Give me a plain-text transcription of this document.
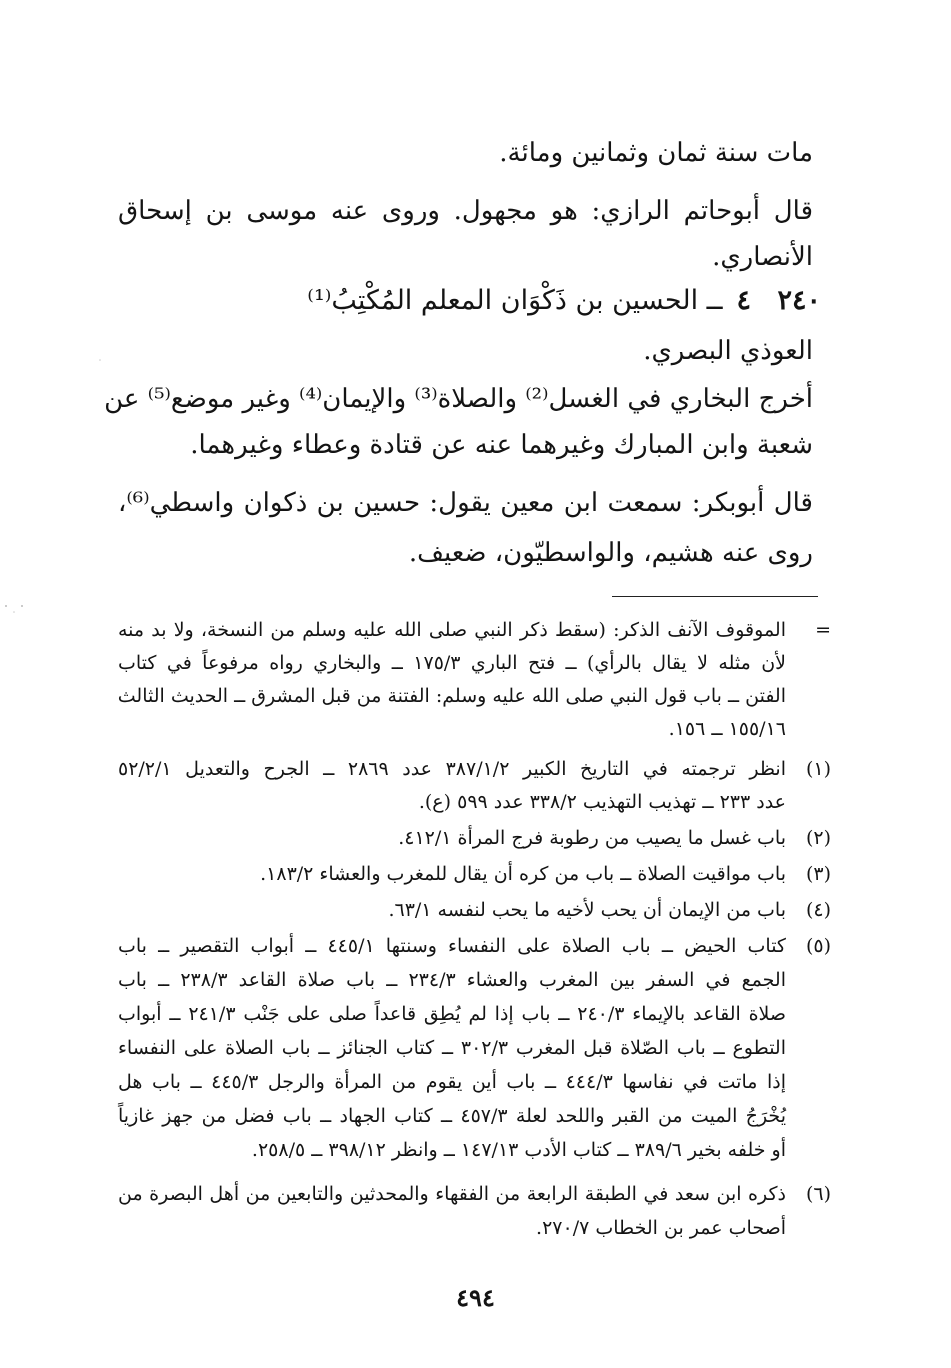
مات سنة ثمان وثمانين ومائة.
قال أبوحاتم الرازي: هو مجهول. وروى عنه موسى بن إسحاق
الأنصاري.
٢٤٠
٤ــ الحسين بن ذَكْوَان المعلم المُكْتِبُ⁽¹⁾
العوذي البصري.
أخرج البخاري في الغسل⁽²⁾ والصلاة⁽³⁾ والإيمان⁽⁴⁾ وغير موضع⁽⁵⁾ عن
شعبة وابن المبارك وغيرهما عنه عن قتادة وعطاء وغيرهما.
قال أبوبكر: سمعت ابن معين يقول: حسين بن ذكوان واسطي⁽⁶⁾،
روى عنه هشيم، والواسطيّون، ضعيف.
=
الموقوف الآنف الذكر: (سقط ذكر النبي صلى الله عليه وسلم من النسخة، ولا بد منه
لأن مثله لا يقال بالرأي) ــ فتح الباري ١٧٥/٣ ــ والبخاري رواه مرفوعاً في كتاب
الفتن ــ باب قول النبي صلى الله عليه وسلم: الفتنة من قبل المشرق ــ الحديث الثالث
١٥٥/١٦ ــ ١٥٦.
(١)
انظر ترجمته في التاريخ الكبير ٣٨٧/١/٢ عدد ٢٨٦٩ ــ الجرح والتعديل ٥٢/٢/١
عدد ٢٣٣ ــ تهذيب التهذيب ٣٣٨/٢ عدد ٥٩٩ (ع).
(٢)
باب غسل ما يصيب من رطوبة فرج المرأة ٤١٢/١.
(٣)
باب مواقيت الصلاة ــ باب من كره أن يقال للمغرب والعشاء ١٨٣/٢.
(٤)
باب من الإيمان أن يحب لأخيه ما يحب لنفسه ٦٣/١.
(٥)
كتاب الحيض ــ باب الصلاة على النفساء وسنتها ٤٤٥/١ ــ أبواب التقصير ــ باب
الجمع في السفر بين المغرب والعشاء ٢٣٤/٣ ــ باب صلاة القاعد ٢٣٨/٣ ــ باب
صلاة القاعد بالإيماء ٢٤٠/٣ ــ باب إذا لم يُطِق قاعداً صلى على جَنْب ٢٤١/٣ ــ أبواب
التطوع ــ باب الصّلاة قبل المغرب ٣٠٢/٣ ــ كتاب الجنائز ــ باب الصلاة على النفساء
إذا ماتت في نفاسها ٤٤٤/٣ ــ باب أين يقوم من المرأة والرجل ٤٤٥/٣ ــ باب هل
يُخْرَجُ الميت من القبر واللحد لعلة ٤٥٧/٣ ــ كتاب الجهاد ــ باب فضل من جهز غازياً
أو خلفه بخير ٣٨٩/٦ ــ كتاب الأدب ١٤٧/١٣ ــ وانظر ٣٩٨/١٢ ــ ٢٥٨/٥.
(٦)
ذكره ابن سعد في الطبقة الرابعة من الفقهاء والمحدثين والتابعين من أهل البصرة من
أصحاب عمر بن الخطاب ٢٧٠/٧.
٤٩٤
